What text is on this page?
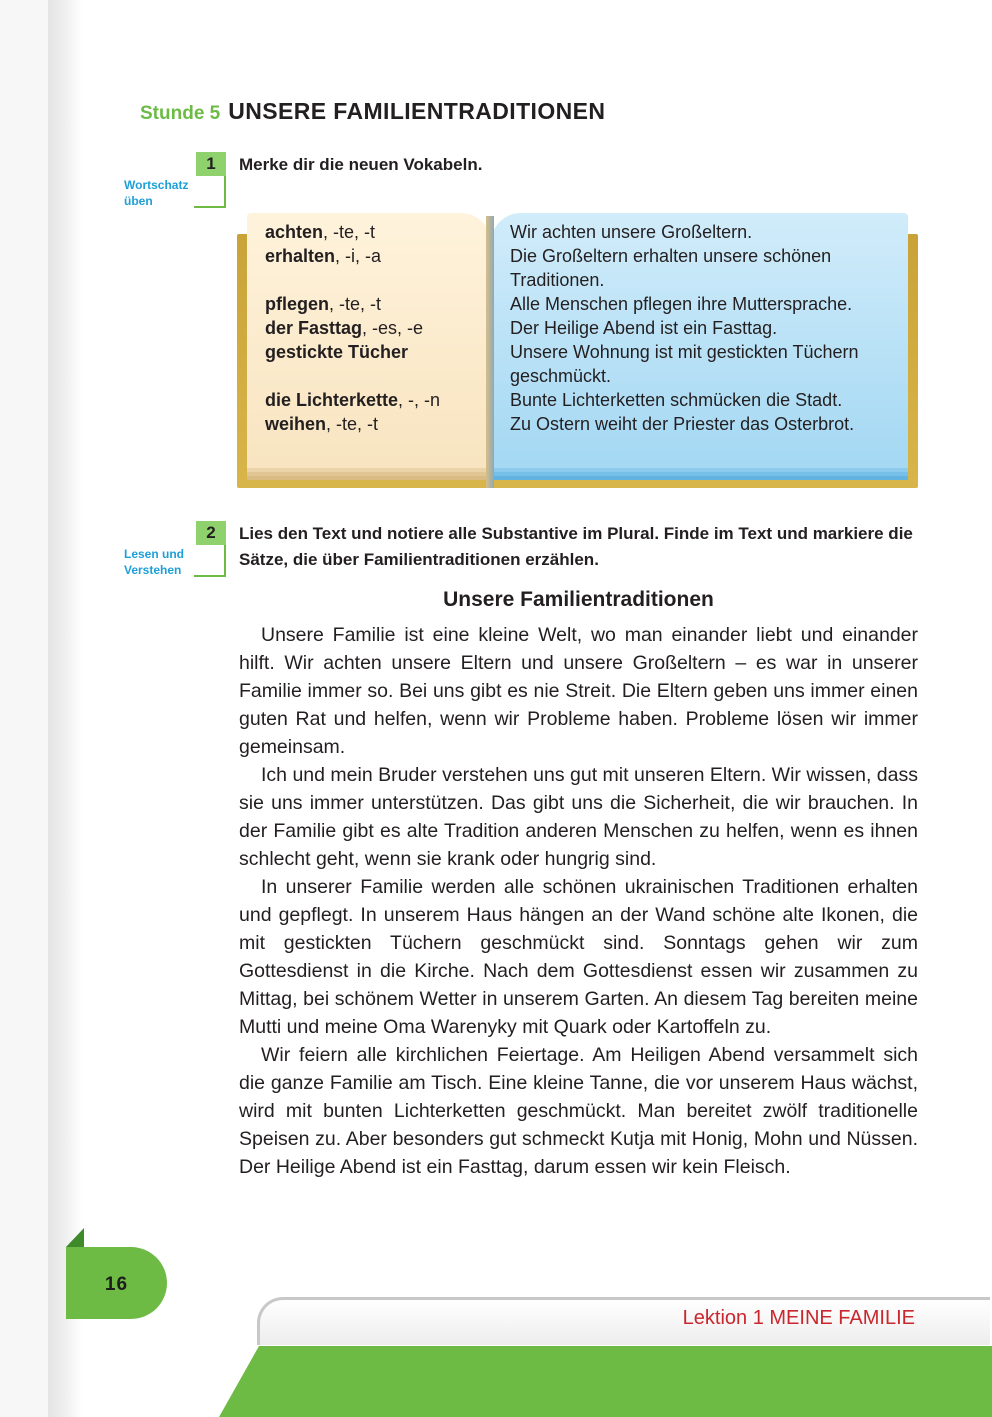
Stunde 5 UNSERE FAMILIENTRADITIONEN
1
Wortschatz
üben
Merke dir die neuen Vokabeln.
achten, -te, -t
erhalten, -i, -a
pflegen, -te, -t
der Fasttag, -es, -e
gestickte Tücher
die Lichterkette, -, -n
weihen, -te, -t
Wir achten unsere Großeltern.
Die Großeltern erhalten unsere schönen Traditionen.
Alle Menschen pflegen ihre Muttersprache.
Der Heilige Abend ist ein Fasttag.
Unsere Wohnung ist mit gestickten Tüchern geschmückt.
Bunte Lichterketten schmücken die Stadt.
Zu Ostern weiht der Priester das Osterbrot.
2
Lesen und
Verstehen
Lies den Text und notiere alle Substantive im Plural. Finde im Text und markiere die Sätze, die über Familientraditionen erzählen.
Unsere Familientraditionen

Unsere Familie ist eine kleine Welt, wo man einander liebt und einander hilft. Wir achten unsere Eltern und unsere Großeltern – es war in unserer Familie immer so. Bei uns gibt es nie Streit. Die Eltern geben uns immer einen guten Rat und helfen, wenn wir Probleme haben. Probleme lösen wir immer gemeinsam.

Ich und mein Bruder verstehen uns gut mit unseren Eltern. Wir wissen, dass sie uns immer unterstützen. Das gibt uns die Sicherheit, die wir brauchen. In der Familie gibt es alte Tradition anderen Menschen zu helfen, wenn es ihnen schlecht geht, wenn sie krank oder hungrig sind.

In unserer Familie werden alle schönen ukrainischen Traditionen erhalten und gepflegt. In unserem Haus hängen an der Wand schöne alte Ikonen, die mit gestickten Tüchern geschmückt sind. Sonntags gehen wir zum Gottesdienst in die Kirche. Nach dem Gottesdienst essen wir zusammen zu Mittag, bei schönem Wetter in unserem Garten. An diesem Tag bereiten meine Mutti und meine Oma Warenyky mit Quark oder Kartoffeln zu.

Wir feiern alle kirchlichen Feiertage. Am Heiligen Abend versammelt sich die ganze Familie am Tisch. Eine kleine Tanne, die vor unserem Haus wächst, wird mit bunten Lichterketten geschmückt. Man bereitet zwölf traditionelle Speisen zu. Aber besonders gut schmeckt Kutja mit Honig, Mohn und Nüssen. Der Heilige Abend ist ein Fasttag, darum essen wir kein Fleisch.

16
Lektion 1 MEINE FAMILIE
